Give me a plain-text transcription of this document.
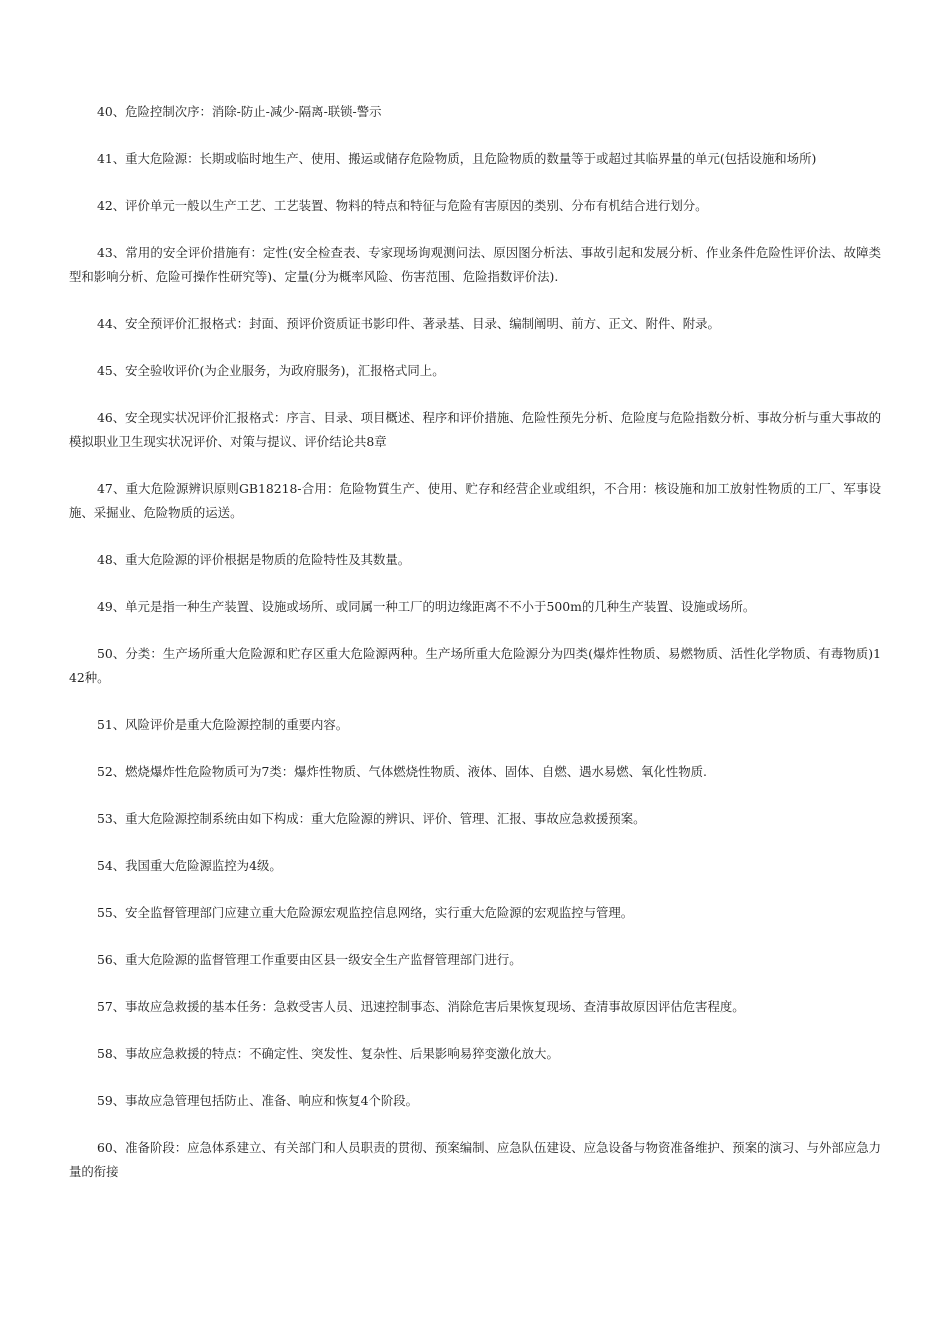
40、危险控制次序：消除-防止-减少-隔离-联锁-警示

41、重大危险源：长期或临时地生产、使用、搬运或储存危险物质，且危险物质的数量等于或超过其临界量的单元(包括设施和场所)

42、评价单元一般以生产工艺、工艺装置、物料的特点和特征与危险有害原因的类别、分布有机结合进行划分。

43、常用的安全评价措施有：定性(安全检查表、专家现场询观测问法、原因图分析法、事故引起和发展分析、作业条件危险性评价法、故障类型和影响分析、危险可操作性研究等)、定量(分为概率风险、伤害范围、危险指数评价法).

44、安全预评价汇报格式：封面、预评价资质证书影印件、著录基、目录、编制阐明、前方、正文、附件、附录。

45、安全验收评价(为企业服务，为政府服务)，汇报格式同上。

46、安全现实状况评价汇报格式：序言、目录、项目概述、程序和评价措施、危险性预先分析、危险度与危险指数分析、事故分析与重大事故的模拟职业卫生现实状况评价、对策与提议、评价结论共8章

47、重大危险源辨识原则GB18218-合用：危险物質生产、使用、贮存和经营企业或组织，不合用：核设施和加工放射性物质的工厂、军事设施、采掘业、危险物质的运送。

48、重大危险源的评价根据是物质的危险特性及其数量。

49、单元是指一种生产装置、设施或场所、或同属一种工厂的明边缘距离不不小于500m的几种生产装置、设施或场所。

50、分类：生产场所重大危险源和贮存区重大危险源两种。生产场所重大危险源分为四类(爆炸性物质、易燃物质、活性化学物质、有毒物质)142种。

51、风险评价是重大危险源控制的重要内容。

52、燃烧爆炸性危险物质可为7类：爆炸性物质、气体燃烧性物质、液体、固体、自燃、遇水易燃、氧化性物质.

53、重大危险源控制系统由如下构成：重大危险源的辨识、评价、管理、汇报、事故应急救援预案。

54、我国重大危险源监控为4级。

55、安全监督管理部门应建立重大危险源宏观监控信息网络，实行重大危险源的宏观监控与管理。

56、重大危险源的监督管理工作重要由区县一级安全生产监督管理部门进行。

57、事故应急救援的基本任务：急救受害人员、迅速控制事态、消除危害后果恢复现场、查清事故原因评估危害程度。

58、事故应急救援的特点：不确定性、突发性、复杂性、后果影响易猝变激化放大。

59、事故应急管理包括防止、准备、响应和恢复4个阶段。

60、准备阶段：应急体系建立、有关部门和人员职责的贯彻、预案编制、应急队伍建设、应急设备与物资准备维护、预案的演习、与外部应急力量的衔接
